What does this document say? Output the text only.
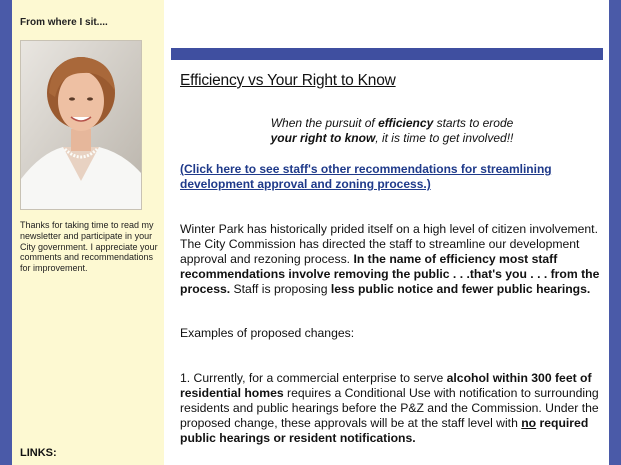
From where I sit....
Thanks for taking time to read my newsletter and participate in your City government. I appreciate your comments and recommendations for improvement.
LINKS:
Efficiency vs Your Right to Know
When the pursuit of efficiency starts to erode
your right to know, it is time to get involved!!
(Click here to see staff's other recommendations for streamlining development approval and zoning process.)
Winter Park has historically prided itself on a high level of citizen involvement. The City Commission has directed the staff to streamline our development approval and rezoning process. In the name of efficiency most staff recommendations involve removing the public . . .that's you . . . from the process. Staff is proposing less public notice and fewer public hearings.
Examples of proposed changes:
1. Currently, for a commercial enterprise to serve alcohol within 300 feet of residential homes requires a Conditional Use with notification to surrounding residents and public hearings before the P&Z and the Commission. Under the proposed change, these approvals will be at the staff level with no required public hearings or resident notifications.
